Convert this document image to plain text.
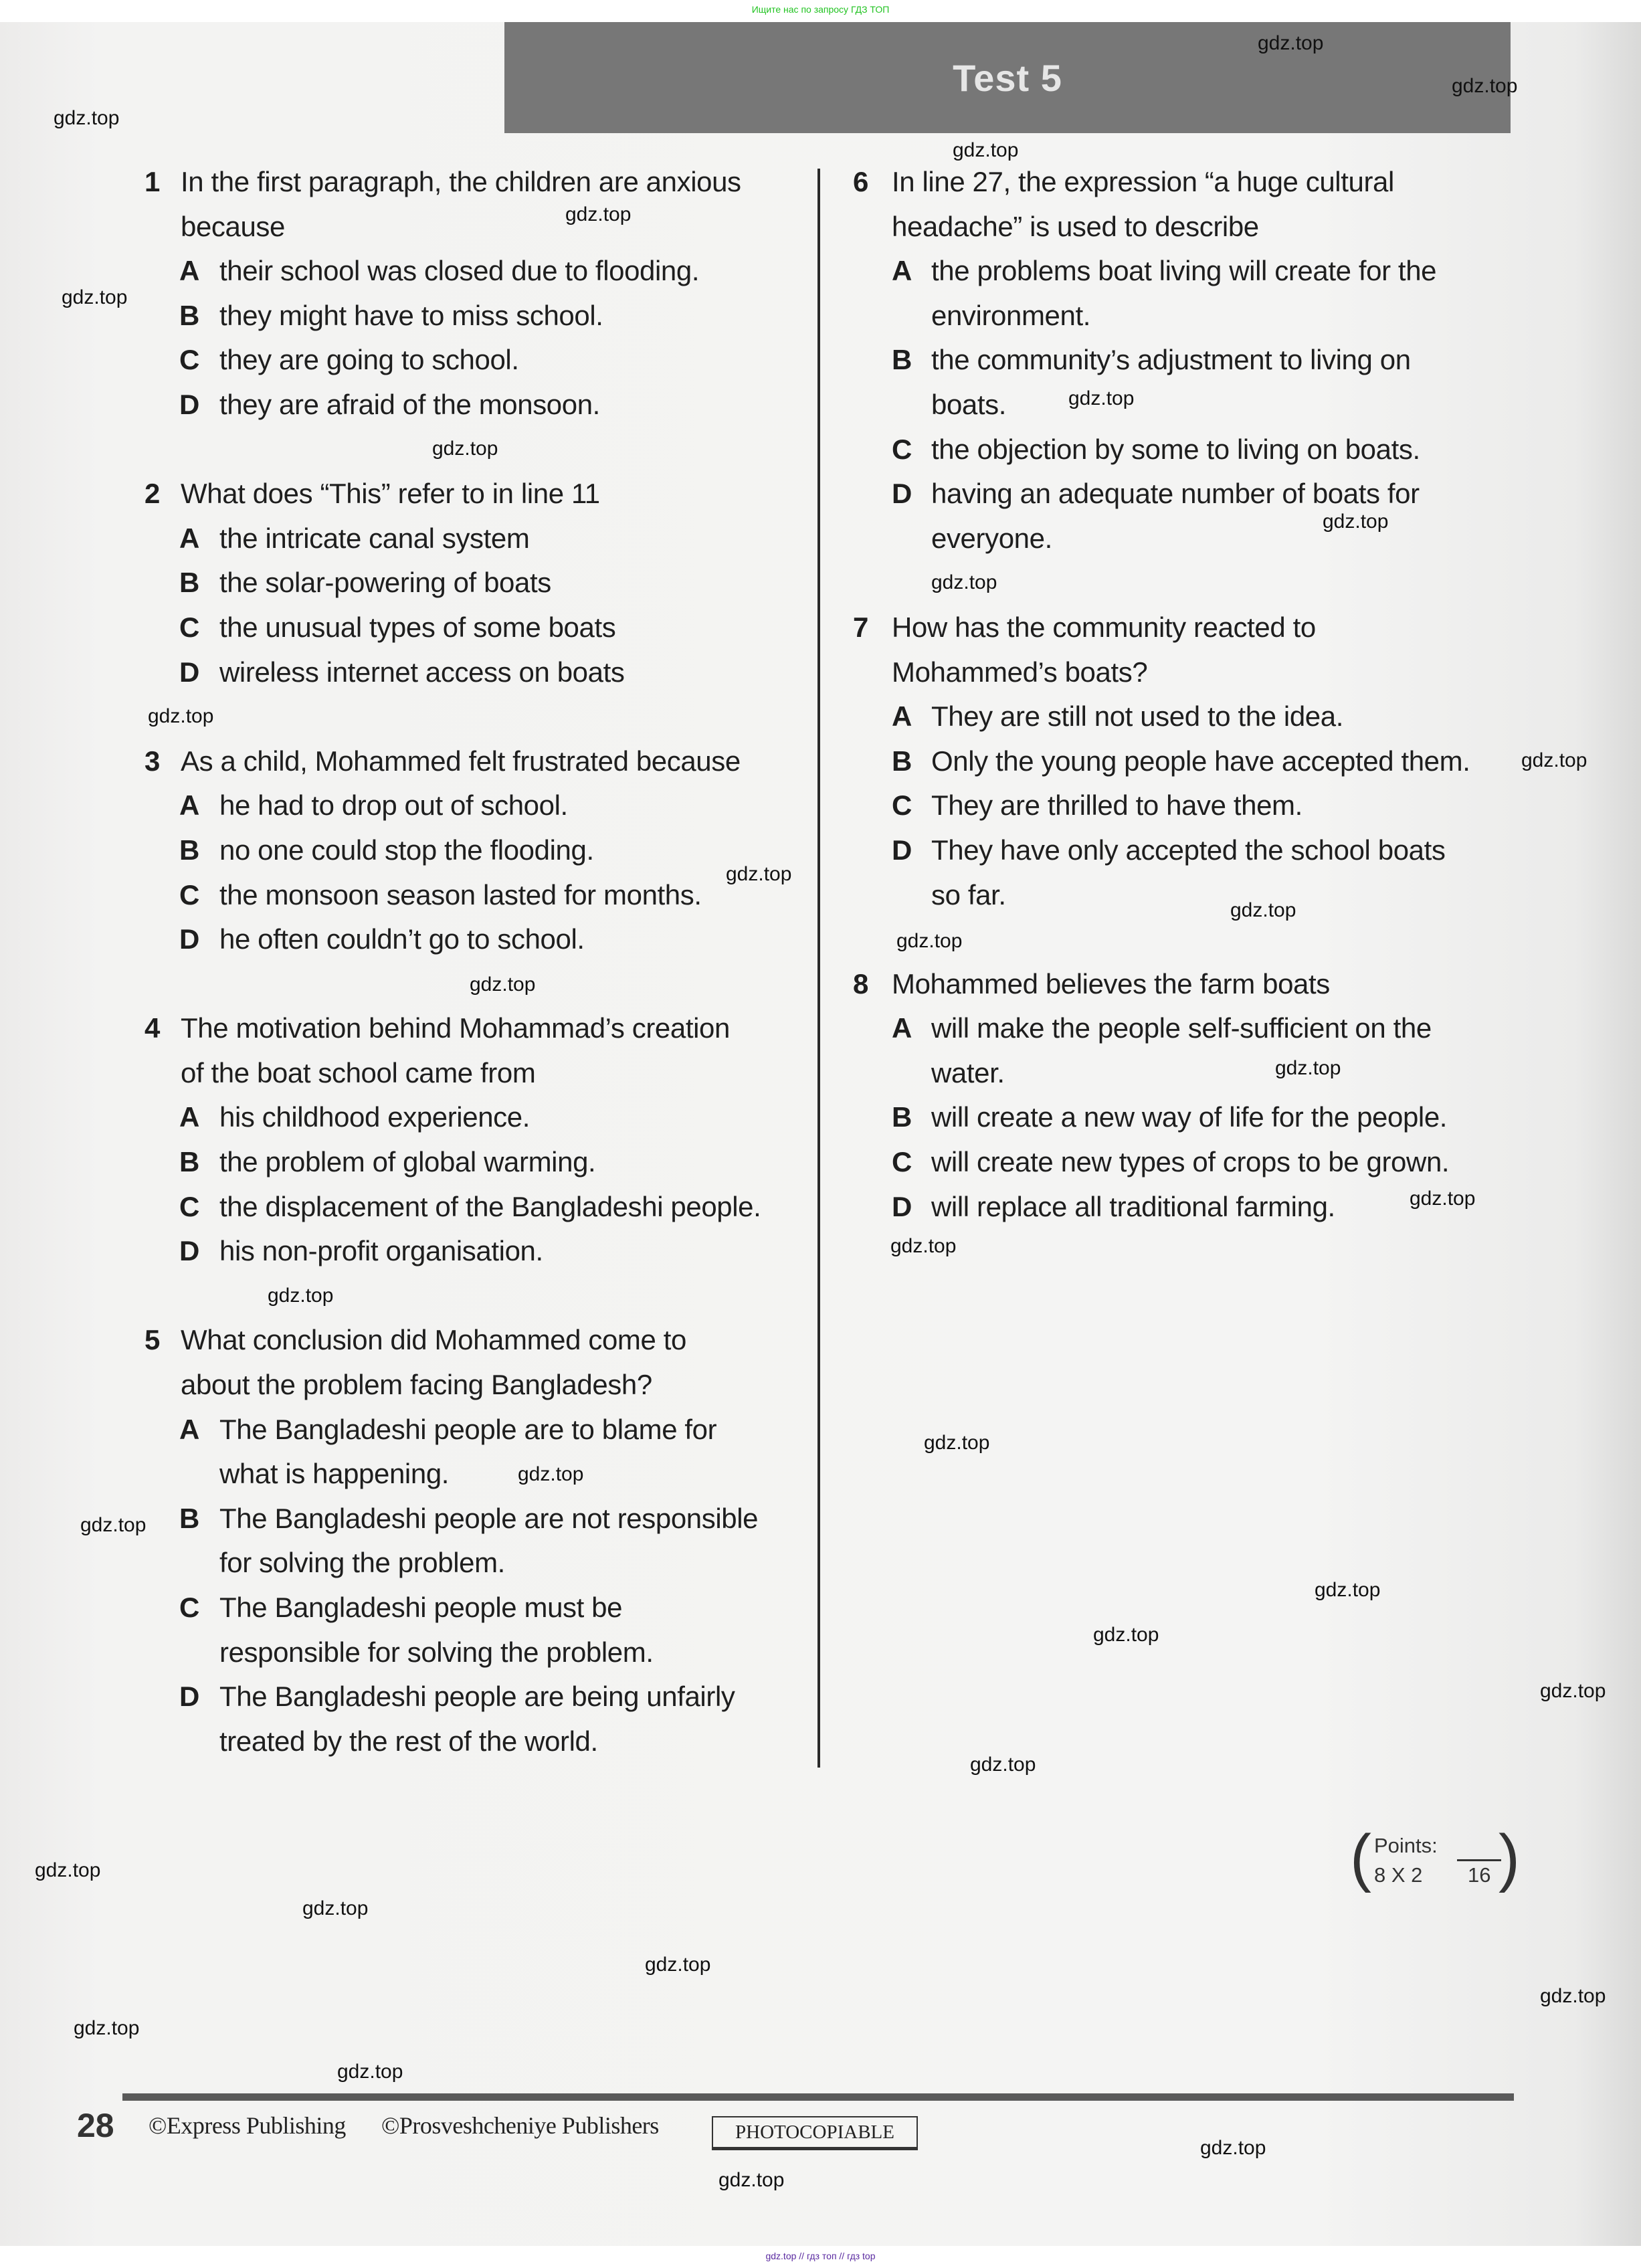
Ищите нас по запросу ГДЗ ТОП
Test 5
1 In the first paragraph, the children are anxious
because
A their school was closed due to flooding.
B they might have to miss school.
C they are going to school.
D they are afraid of the monsoon.
2 What does “This” refer to in line 11
A the intricate canal system
B the solar-powering of boats
C the unusual types of some boats
D wireless internet access on boats
3 As a child, Mohammed felt frustrated because
A he had to drop out of school.
B no one could stop the flooding.
C the monsoon season lasted for months.
D he often couldn’t go to school.
4 The motivation behind Mohammad’s creation
of the boat school came from
A his childhood experience.
B the problem of global warming.
C the displacement of the Bangladeshi people.
D his non-profit organisation.
5 What conclusion did Mohammed come to
about the problem facing Bangladesh?
A The Bangladeshi people are to blame for
what is happening.
B The Bangladeshi people are not responsible
for solving the problem.
C The Bangladeshi people must be
responsible for solving the problem.
D The Bangladeshi people are being unfairly
treated by the rest of the world.
6 In line 27, the expression “a huge cultural
headache” is used to describe
A the problems boat living will create for the
environment.
B the community’s adjustment to living on
boats.
C the objection by some to living on boats.
D having an adequate number of boats for
everyone.
7 How has the community reacted to
Mohammed’s boats?
A They are still not used to the idea.
B Only the young people have accepted them.
C They are thrilled to have them.
D They have only accepted the school boats
so far.
8 Mohammed believes the farm boats
A will make the people self-sufficient on the
water.
B will create a new way of life for the people.
C will create new types of crops to be grown.
D will replace all traditional farming.
( Points:
8 X 2 16 )
28 ©Express Publishing ©Prosveshcheniye Publishers	PHOTOCOPIABLE
gdz.top
gdz.top
gdz.top
gdz.top
gdz.top
gdz.top
gdz.top
gdz.top
gdz.top
gdz.top
gdz.top
gdz.top
gdz.top
gdz.top
gdz.top
gdz.top
gdz.top
gdz.top
gdz.top
gdz.top
gdz.top
gdz.top
gdz.top
gdz.top
gdz.top
gdz.top
gdz.top
gdz.top
gdz.top
gdz.top
gdz.top
gdz.top
gdz.top
gdz.top
gdz.top
gdz.top // гдз топ // гдз top
